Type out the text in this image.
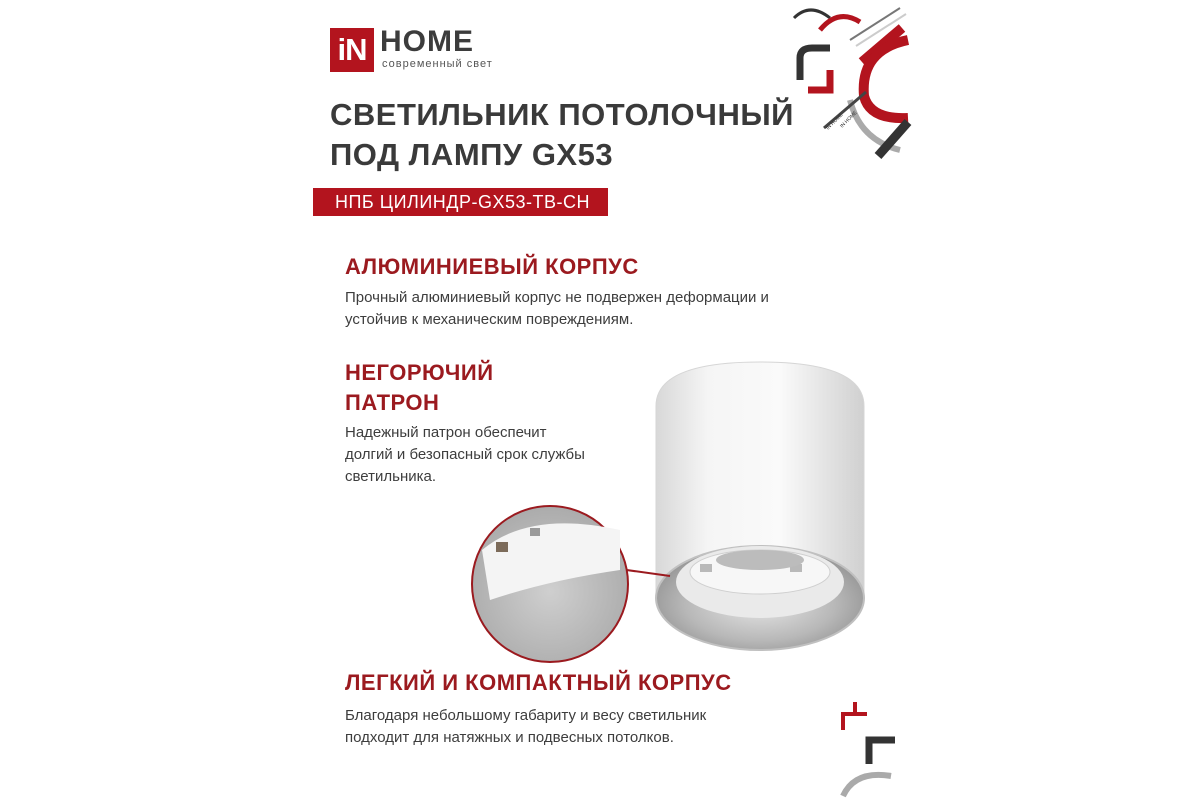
iN HOME
современный свет
СВЕТИЛЬНИК ПОТОЛОЧНЫЙ
ПОД ЛАМПУ GX53
НПБ ЦИЛИНДР-GX53-TB-CH
АЛЮМИНИЕВЫЙ КОРПУС
Прочный алюминиевый корпус не подвержен деформации и устойчив к механическим повреждениям.
НЕГОРЮЧИЙ ПАТРОН
Надежный патрон обеспечит долгий и безопасный срок службы светильника.
ЛЕГКИЙ И КОМПАКТНЫЙ КОРПУС
Благодаря небольшому габариту и весу светильник подходит для натяжных и подвесных потолков.
IN HOME
IN HOME
